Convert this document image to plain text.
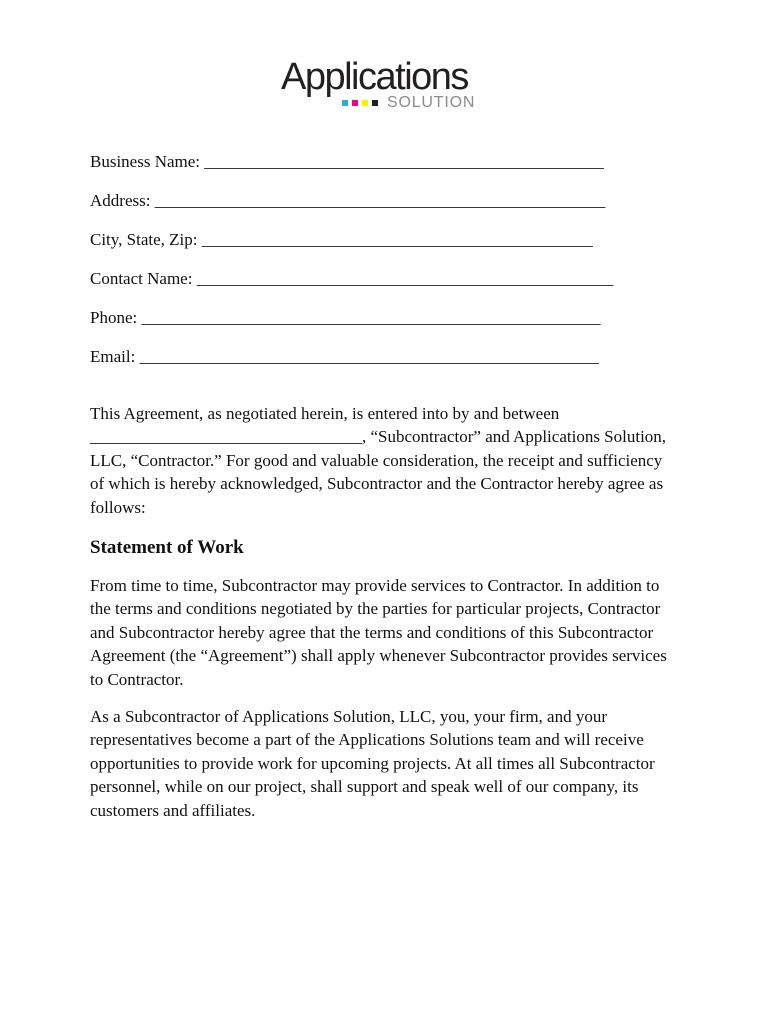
Applications
SOLUTION
Business Name: _______________________________________________
Address: _____________________________________________________
City, State, Zip: ______________________________________________
Contact Name: _________________________________________________
Phone: ______________________________________________________
Email: ______________________________________________________

This Agreement, as negotiated herein, is entered into by and between ________________________________, “Subcontractor” and Applications Solution, LLC, “Contractor.” For good and valuable consideration, the receipt and sufficiency of which is hereby acknowledged, Subcontractor and the Contractor hereby agree as follows:

Statement of Work

From time to time, Subcontractor may provide services to Contractor. In addition to the terms and conditions negotiated by the parties for particular projects, Contractor and Subcontractor hereby agree that the terms and conditions of this Subcontractor Agreement (the “Agreement”) shall apply whenever Subcontractor provides services to Contractor.

As a Subcontractor of Applications Solution, LLC, you, your firm, and your representatives become a part of the Applications Solutions team and will receive opportunities to provide work for upcoming projects. At all times all Subcontractor personnel, while on our project, shall support and speak well of our company, its customers and affiliates.
